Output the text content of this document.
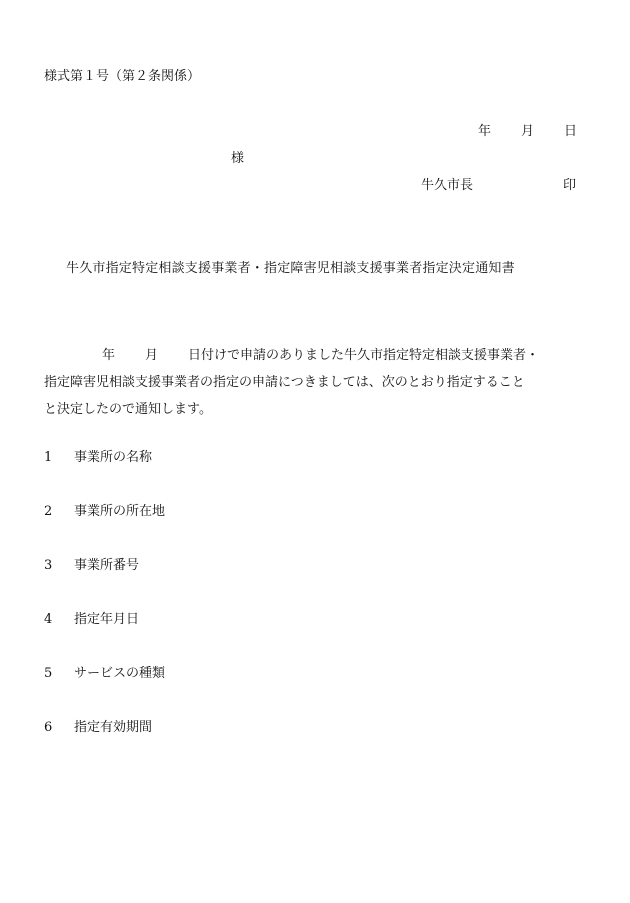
様式第１号（第２条関係）
年 月 日
様
牛久市長	印
牛久市指定特定相談支援事業者・指定障害児相談支援事業者指定決定通知書
年 月 日付けで申請のありました牛久市指定特定相談支援事業者・
指定障害児相談支援事業者の指定の申請につきましては、次のとおり指定すること
と決定したので通知します。
1 事業所の名称
2 事業所の所在地
3 事業所番号
4 指定年月日
5 サービスの種類
6 指定有効期間
